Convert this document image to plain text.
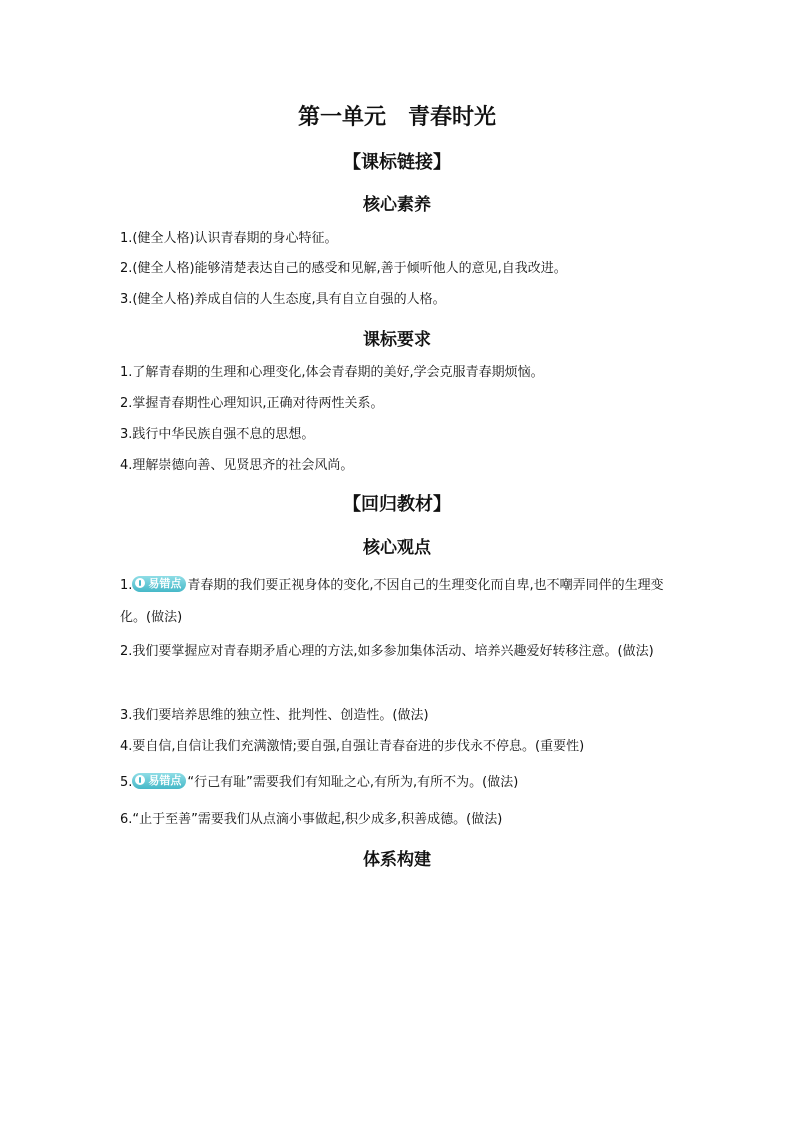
第一单元　青春时光
【课标链接】
核心素养
1.(健全人格)认识青春期的身心特征。
2.(健全人格)能够清楚表达自己的感受和见解,善于倾听他人的意见,自我改进。
3.(健全人格)养成自信的人生态度,具有自立自强的人格。
课标要求
1.了解青春期的生理和心理变化,体会青春期的美好,学会克服青春期烦恼。
2.掌握青春期性心理知识,正确对待两性关系。
3.践行中华民族自强不息的思想。
4.理解崇德向善、见贤思齐的社会风尚。
【回归教材】
核心观点
1. 易错点 青春期的我们要正视身体的变化,不因自己的生理变化而自卑,也不嘲弄同伴的生理变化。(做法)
2.我们要掌握应对青春期矛盾心理的方法,如多参加集体活动、培养兴趣爱好转移注意。(做法)
3.我们要培养思维的独立性、批判性、创造性。(做法)
4.要自信,自信让我们充满激情;要自强,自强让青春奋进的步伐永不停息。(重要性)
5. 易错点 “行己有耻”需要我们有知耻之心,有所为,有所不为。(做法)
6.“止于至善”需要我们从点滴小事做起,积少成多,积善成德。(做法)
体系构建
